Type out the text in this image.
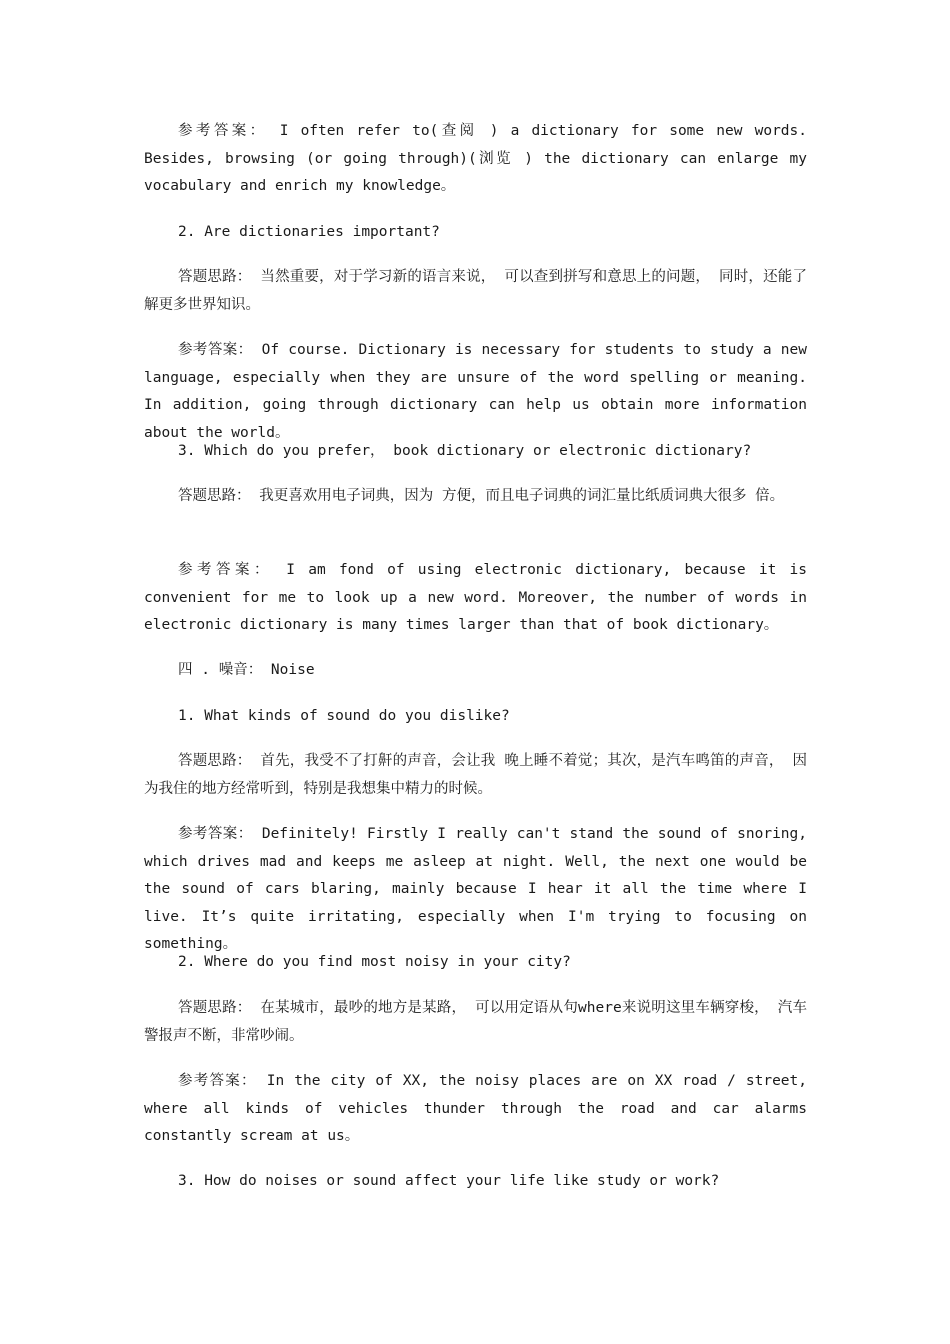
参考答案： I often refer to(查阅 ) a dictionary for some new words. Besides, browsing (or going through)(浏览 ) the dictionary can enlarge my vocabulary and enrich my knowledge。

2. Are dictionaries important?

答题思路： 当然重要，对于学习新的语言来说， 可以查到拼写和意思上的问题， 同时，还能了解更多世界知识。

参考答案： Of course. Dictionary is necessary for students to study a new language, especially when they are unsure of the word spelling or meaning. In addition, going through dictionary can help us obtain more information about the world。

3. Which do you prefer， book dictionary or electronic dictionary?

答题思路： 我更喜欢用电子词典，因为 方便，而且电子词典的词汇量比纸质词典大很多 倍。

参考答案： I am fond of using electronic dictionary, because it is convenient for me to look up a new word. Moreover, the number of words in electronic dictionary is many times larger than that of book dictionary。

四 . 噪音： Noise

1. What kinds of sound do you dislike?

答题思路： 首先，我受不了打鼾的声音，会让我 晚上睡不着觉；其次，是汽车鸣笛的声音， 因为我住的地方经常听到，特别是我想集中精力的时候。

参考答案： Definitely! Firstly I really can't stand the sound of snoring, which drives mad and keeps me asleep at night. Well, the next one would be the sound of cars blaring, mainly because I hear it all the time where I live. It’s quite irritating, especially when I'm trying to focusing on something。

2. Where do you find most noisy in your city?

答题思路： 在某城市，最吵的地方是某路， 可以用定语从句where来说明这里车辆穿梭， 汽车警报声不断，非常吵闹。

参考答案： In the city of XX, the noisy places are on XX road / street, where all kinds of vehicles thunder through the road and car alarms constantly scream at us。

3. How do noises or sound affect your life like study or work?
